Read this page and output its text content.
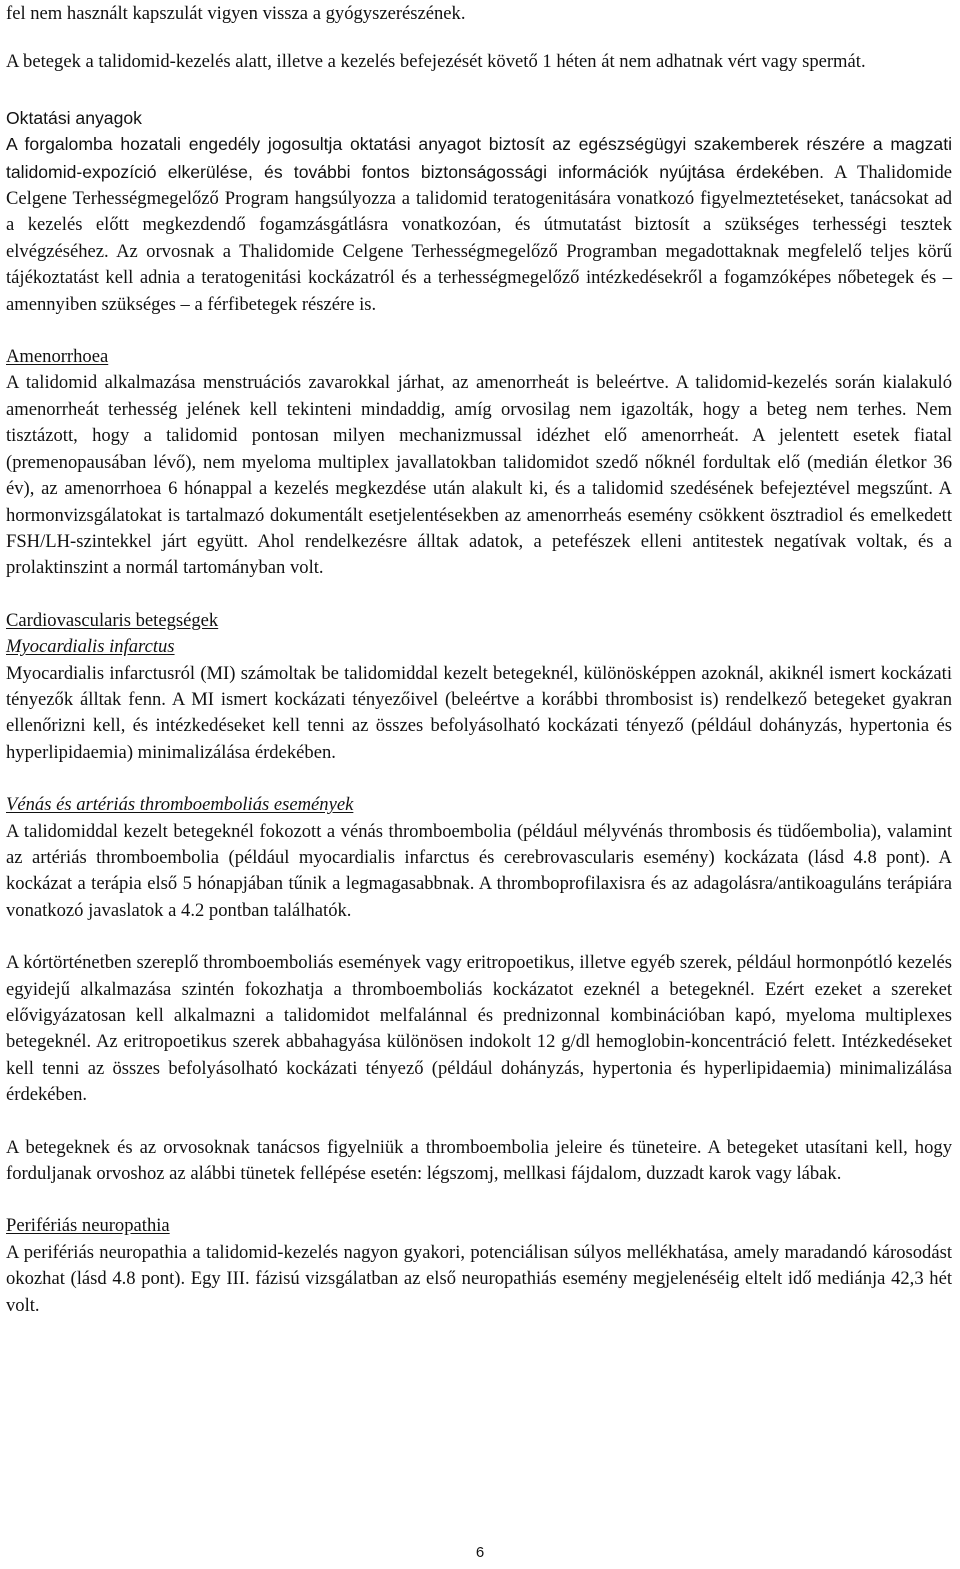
fel nem használt kapszulát vigyen vissza a gyógyszerészének.

A betegek a talidomid-kezelés alatt, illetve a kezelés befejezését követő 1 héten át nem adhatnak vért vagy spermát.

Oktatási anyagok

A forgalomba hozatali engedély jogosultja oktatási anyagot biztosít az egészségügyi szakemberek részére a magzati talidomid-expozíció elkerülése, és további fontos biztonságossági információk nyújtása érdekében. A Thalidomide Celgene Terhességmegelőző Program hangsúlyozza a talidomid teratogenitására vonatkozó figyelmeztetéseket, tanácsokat ad a kezelés előtt megkezdendő fogamzásgátlásra vonatkozóan, és útmutatást biztosít a szükséges terhességi tesztek elvégzéséhez. Az orvosnak a Thalidomide Celgene Terhességmegelőző Programban megadottaknak megfelelő teljes körű tájékoztatást kell adnia a teratogenitási kockázatról és a terhességmegelőző intézkedésekről a fogamzóképes nőbetegek és – amennyiben szükséges – a férfibetegek részére is.

Amenorrhoea

A talidomid alkalmazása menstruációs zavarokkal járhat, az amenorrheát is beleértve. A talidomid-kezelés során kialakuló amenorrheát terhesség jelének kell tekinteni mindaddig, amíg orvosilag nem igazolták, hogy a beteg nem terhes. Nem tisztázott, hogy a talidomid pontosan milyen mechanizmussal idézhet elő amenorrheát. A jelentett esetek fiatal (premenopausában lévő), nem myeloma multiplex javallatokban talidomidot szedő nőknél fordultak elő (medián életkor 36 év), az amenorrhoea 6 hónappal a kezelés megkezdése után alakult ki, és a talidomid szedésének befejeztével megszűnt. A hormonvizsgálatokat is tartalmazó dokumentált esetjelentésekben az amenorrheás esemény csökkent ösztradiol és emelkedett FSH/LH-szintekkel járt együtt. Ahol rendelkezésre álltak adatok, a petefészek elleni antitestek negatívak voltak, és a prolaktinszint a normál tartományban volt.

Cardiovascularis betegségek

Myocardialis infarctus

Myocardialis infarctusról (MI) számoltak be talidomiddal kezelt betegeknél, különösképpen azoknál, akiknél ismert kockázati tényezők álltak fenn. A MI ismert kockázati tényezőivel (beleértve a korábbi thrombosist is) rendelkező betegeket gyakran ellenőrizni kell, és intézkedéseket kell tenni az összes befolyásolható kockázati tényező (például dohányzás, hypertonia és hyperlipidaemia) minimalizálása érdekében.

Vénás és artériás thromboemboliás események

A talidomiddal kezelt betegeknél fokozott a vénás thromboembolia (például mélyvénás thrombosis és tüdőembolia), valamint az artériás thromboembolia (például myocardialis infarctus és cerebrovascularis esemény) kockázata (lásd 4.8 pont). A kockázat a terápia első 5 hónapjában tűnik a legmagasabbnak. A thromboprofilaxisra és az adagolásra/antikoaguláns terápiára vonatkozó javaslatok a 4.2 pontban találhatók.

A kórtörténetben szereplő thromboemboliás események vagy eritropoetikus, illetve egyéb szerek, például hormonpótló kezelés egyidejű alkalmazása szintén fokozhatja a thromboemboliás kockázatot ezeknél a betegeknél. Ezért ezeket a szereket elővigyázatosan kell alkalmazni a talidomidot melfalánnal és prednizonnal kombinációban kapó, myeloma multiplexes betegeknél. Az eritropoetikus szerek abbahagyása különösen indokolt 12 g/dl hemoglobin-koncentráció felett. Intézkedéseket kell tenni az összes befolyásolható kockázati tényező (például dohányzás, hypertonia és hyperlipidaemia) minimalizálása érdekében.

A betegeknek és az orvosoknak tanácsos figyelniük a thromboembolia jeleire és tüneteire. A betegeket utasítani kell, hogy forduljanak orvoshoz az alábbi tünetek fellépése esetén: légszomj, mellkasi fájdalom, duzzadt karok vagy lábak.

Perifériás neuropathia

A perifériás neuropathia a talidomid-kezelés nagyon gyakori, potenciálisan súlyos mellékhatása, amely maradandó károsodást okozhat (lásd 4.8 pont). Egy III. fázisú vizsgálatban az első neuropathiás esemény megjelenéséig eltelt idő mediánja 42,3 hét volt.

6
